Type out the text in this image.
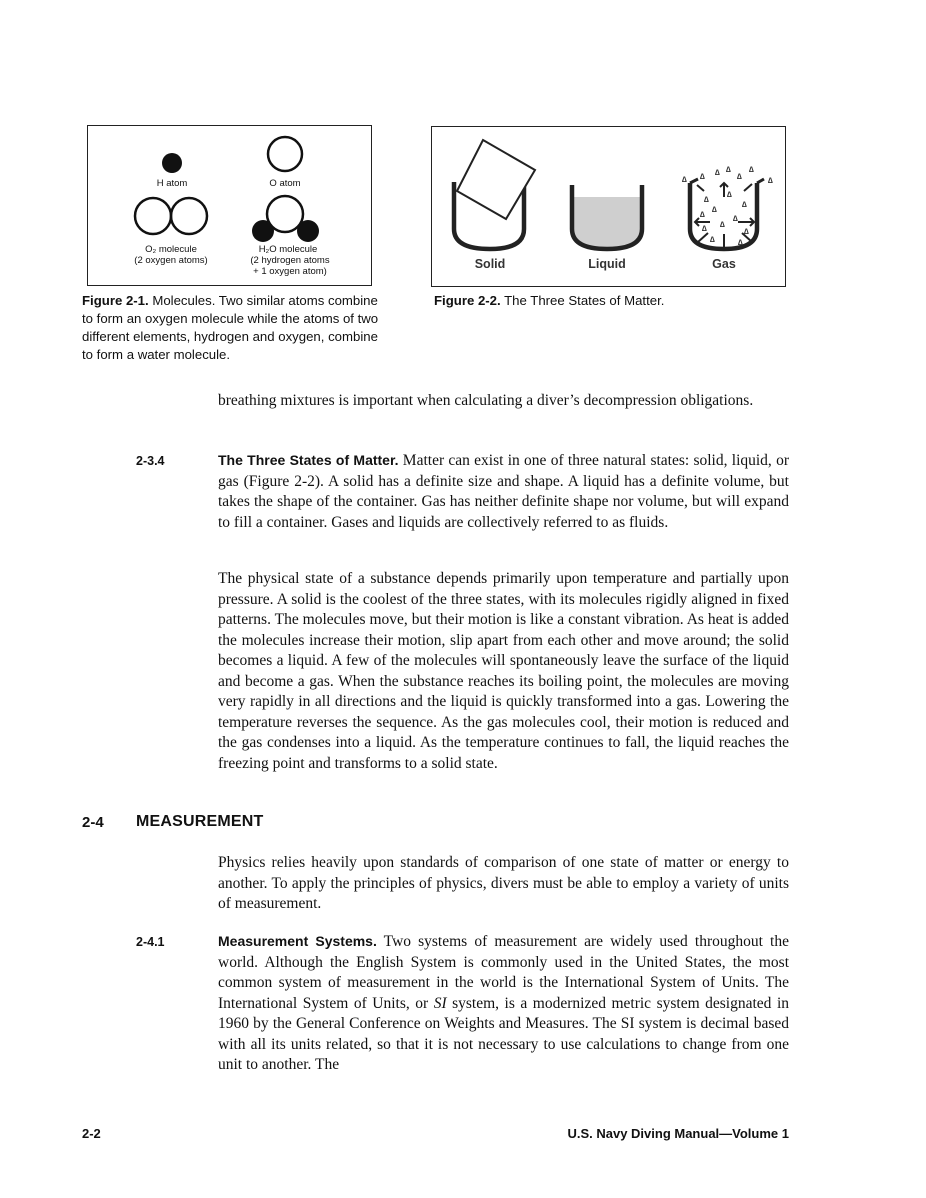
H atom	O atom
O₂ molecule
(2 oxygen atoms)
H₂O molecule
(2 hydrogen atoms
+ 1 oxygen atom)
Solid	Liquid
∆ ∆ ∆ ∆
∆
∆
∆
∆
∆
∆
∆
∆
∆
∆
∆	∆
∆	∆
Gas
Figure 2-1. Molecules. Two similar atoms combine to form an oxygen molecule while the atoms of two different elements, hydrogen and oxygen, combine to form a water molecule.
Figure 2-2. The Three States of Matter.
breathing mixtures is important when calculating a diver’s decompression obligations.
2-3.4	The Three States of Matter. Matter can exist in one of three natural states: solid, liquid, or gas (Figure 2-2). A solid has a definite size and shape. A liquid has a definite volume, but takes the shape of the container. Gas has neither definite shape nor volume, but will expand to fill a container. Gases and liquids are collectively referred to as fluids.
The physical state of a substance depends primarily upon temperature and partially upon pressure. A solid is the coolest of the three states, with its molecules rigidly aligned in fixed patterns. The molecules move, but their motion is like a constant vibration. As heat is added the molecules increase their motion, slip apart from each other and move around; the solid becomes a liquid. A few of the molecules will spontaneously leave the surface of the liquid and become a gas. When the substance reaches its boiling point, the molecules are moving very rapidly in all directions and the liquid is quickly transformed into a gas. Lowering the temperature reverses the sequence. As the gas molecules cool, their motion is reduced and the gas condenses into a liquid. As the temperature continues to fall, the liquid reaches the freezing point and transforms to a solid state.
2-4 MEASUREMENT
Physics relies heavily upon standards of comparison of one state of matter or energy to another. To apply the principles of physics, divers must be able to employ a variety of units of measurement.
2-4.1	Measurement Systems. Two systems of measurement are widely used throughout the world. Although the English System is commonly used in the United States, the most common system of measurement in the world is the International System of Units. The International System of Units, or SI system, is a modernized metric system designated in 1960 by the General Conference on Weights and Measures. The SI system is decimal based with all its units related, so that it is not necessary to use calculations to change from one unit to another. The
2-2	U.S. Navy Diving Manual—Volume 1
